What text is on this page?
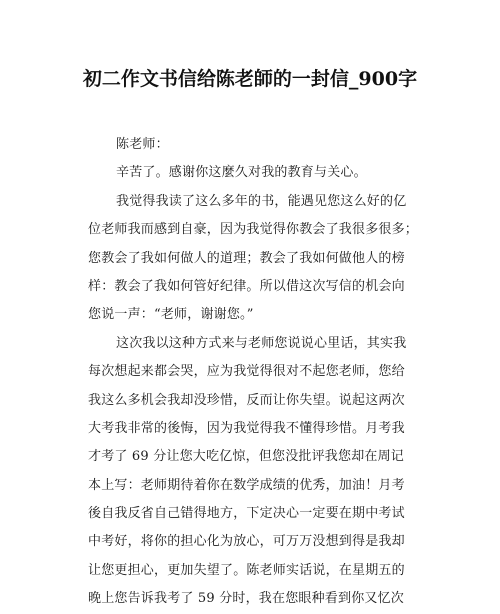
初二作文书信给陈老師的一封信_900字
陈老师：
辛苦了。感谢你这麼久对我的教育与关心。
我觉得我读了这么多年的书，能遇见您这么好的亿
位老师我而感到自豪，因为我觉得你教会了我很多很多；
您教会了我如何做人的道理；教会了我如何做他人的榜
样：教会了我如何管好纪律。所以借这次写信的机会向
您说一声：“老师，谢谢您。”
这次我以这种方式来与老师您说说心里话，其实我
每次想起来都会哭，应为我觉得很对不起您老师，您给
我这么多机会我却没珍惜，反而让你失望。说起这两次
大考我非常的後悔，因为我觉得我不懂得珍惜。月考我
才考了 69 分让您大吃亿惊，但您没批评我您却在周记
本上写：老师期待着你在数学成绩的优秀，加油！月考
後自我反省自己错得地方，下定决心一定要在期中考试
中考好，将你的担心化为放心，可万万没想到得是我却
让您更担心，更加失望了。陈老师实话说，在星期五的
晚上您告诉我考了 59 分时，我在您眼种看到你又忆次
